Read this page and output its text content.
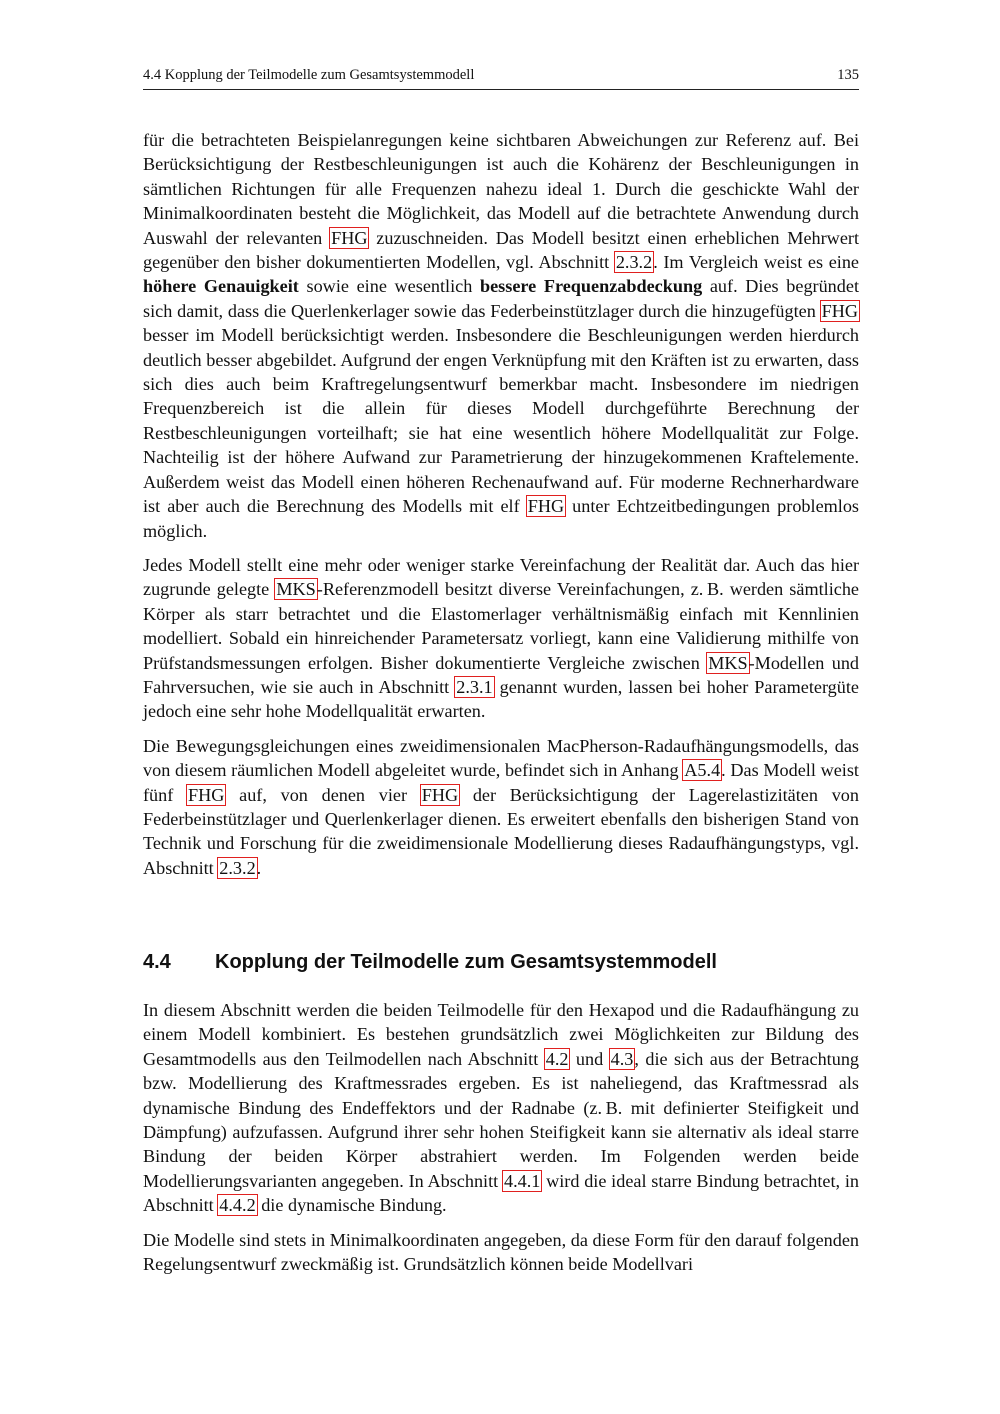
4.4 Kopplung der Teilmodelle zum Gesamtsystemmodell	135

für die betrachteten Beispielanregungen keine sichtbaren Abweichungen zur Referenz auf. Bei Berücksichtigung der Restbeschleunigungen ist auch die Kohärenz der Beschleunigungen in sämtlichen Richtungen für alle Frequenzen nahezu ideal 1. Durch die geschickte Wahl der Minimalkoordinaten besteht die Möglichkeit, das Modell auf die betrachtete Anwendung durch Auswahl der relevanten FHG zuzuschneiden. Das Modell besitzt einen erheblichen Mehrwert gegenüber den bisher dokumentierten Modellen, vgl. Abschnitt 2.3.2. Im Vergleich weist es eine höhere Genauigkeit sowie eine wesentlich bessere Frequenzabdeckung auf. Dies begründet sich damit, dass die Querlenkerlager sowie das Federbeinstützlager durch die hinzugefügten FHG besser im Modell berücksichtigt werden. Insbesondere die Beschleunigungen werden hierdurch deutlich besser abgebildet. Aufgrund der engen Verknüpfung mit den Kräften ist zu erwarten, dass sich dies auch beim Kraftregelungsentwurf bemerkbar macht. Insbesondere im niedrigen Frequenzbereich ist die allein für dieses Modell durchgeführte Berechnung der Restbeschleunigungen vorteilhaft; sie hat eine wesentlich höhere Modellqualität zur Folge. Nachteilig ist der höhere Aufwand zur Parametrierung der hinzugekommenen Kraftelemente. Außerdem weist das Modell einen höheren Rechenaufwand auf. Für moderne Rechnerhardware ist aber auch die Berechnung des Modells mit elf FHG unter Echtzeitbedingungen problemlos möglich.

Jedes Modell stellt eine mehr oder weniger starke Vereinfachung der Realität dar. Auch das hier zugrunde gelegte MKS-Referenzmodell besitzt diverse Vereinfachungen, z. B. werden sämtliche Körper als starr betrachtet und die Elastomerlager verhältnismäßig einfach mit Kennlinien modelliert. Sobald ein hinreichender Parametersatz vorliegt, kann eine Validierung mithilfe von Prüfstandsmessungen erfolgen. Bisher dokumentierte Vergleiche zwischen MKS-Modellen und Fahrversuchen, wie sie auch in Abschnitt 2.3.1 genannt wurden, lassen bei hoher Parametergüte jedoch eine sehr hohe Modellqualität erwarten.

Die Bewegungsgleichungen eines zweidimensionalen MacPherson-Radaufhängungsmodells, das von diesem räumlichen Modell abgeleitet wurde, befindet sich in Anhang A5.4. Das Modell weist fünf FHG auf, von denen vier FHG der Berücksichtigung der Lagerelastizitäten von Federbeinstützlager und Querlenkerlager dienen. Es erweitert ebenfalls den bisherigen Stand von Technik und Forschung für die zweidimensionale Modellierung dieses Radaufhängungstyps, vgl. Abschnitt 2.3.2.

4.4 Kopplung der Teilmodelle zum Gesamtsystemmodell

In diesem Abschnitt werden die beiden Teilmodelle für den Hexapod und die Radaufhängung zu einem Modell kombiniert. Es bestehen grundsätzlich zwei Möglichkeiten zur Bildung des Gesamtmodells aus den Teilmodellen nach Abschnitt 4.2 und 4.3, die sich aus der Betrachtung bzw. Modellierung des Kraftmessrades ergeben. Es ist naheliegend, das Kraftmessrad als dynamische Bindung des Endeffektors und der Radnabe (z. B. mit definierter Steifigkeit und Dämpfung) aufzufassen. Aufgrund ihrer sehr hohen Steifigkeit kann sie alternativ als ideal starre Bindung der beiden Körper abstrahiert werden. Im Folgenden werden beide Modellierungsvarianten angegeben. In Abschnitt 4.4.1 wird die ideal starre Bindung betrachtet, in Abschnitt 4.4.2 die dynamische Bindung.

Die Modelle sind stets in Minimalkoordinaten angegeben, da diese Form für den darauf folgenden Regelungsentwurf zweckmäßig ist. Grundsätzlich können beide Modellvari
